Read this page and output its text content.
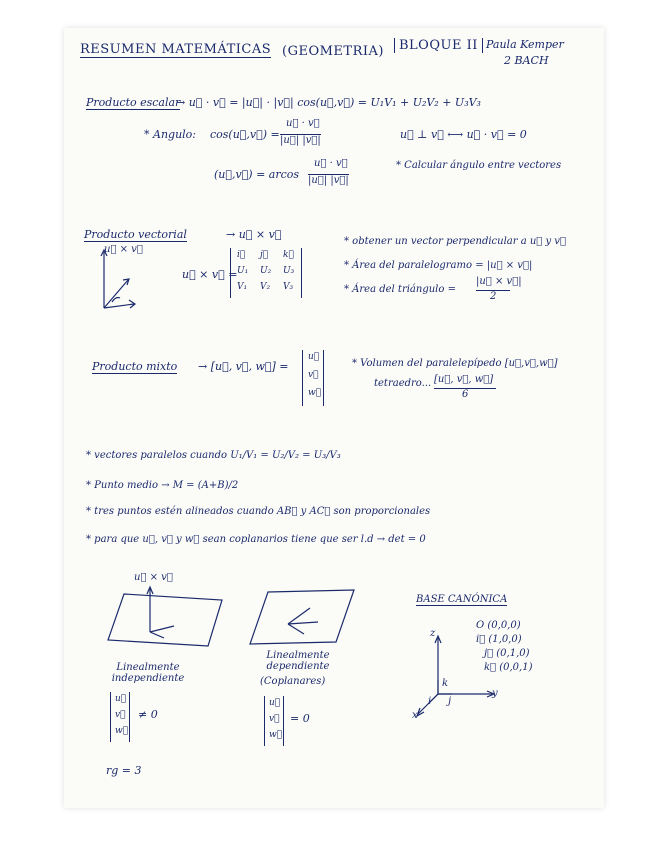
RESUMEN MATEMÁTICAS (GEOMETRIA)	BLOQUE II Paula Kemper
2 BACH
Producto escalar
→ u⃗ · v⃗ = |u⃗| · |v⃗| cos(u⃗,v⃗) = U₁V₁ + U₂V₂ + U₃V₃
* Angulo: cos(u⃗,v⃗) =
u⃗ · v⃗
|u⃗| |v⃗|	u⃗ ⊥ v⃗ ⟷ u⃗ · v⃗ = 0
(u⃗,v⃗) = arcos
u⃗ · v⃗
|u⃗| |v⃗|
* Calcular ángulo entre vectores
Producto vectorial	→ u⃗ × v⃗
u⃗ × v⃗
u⃗ × v⃗ =
i⃗ j⃗ k⃗
U₁ U₂ U₃
V₁ V₂ V₃
* obtener un vector perpendicular a u⃗ y v⃗
* Área del paralelogramo = |u⃗ × v⃗|
* Área del triángulo =
|u⃗ × v⃗|
2
Producto mixto → [u⃗, v⃗, w⃗] =
u⃗
v⃗
w⃗
* Volumen del paralelepípedo [u⃗,v⃗,w⃗]
tetraedro... [u⃗, v⃗, w⃗]
6
* vectores paralelos cuando U₁/V₁ = U₂/V₂ = U₃/V₃
* Punto medio → M = (A+B)/2
* tres puntos estén alineados cuando AB⃗ y AC⃗ son proporcionales
* para que u⃗, v⃗ y w⃗ sean coplanarios tiene que ser l.d → det = 0
u⃗ × v⃗
Linealmente independiente
u⃗
v⃗
w⃗
≠ 0
rg = 3
Linealmente dependiente
(Coplanares)
u⃗
v⃗
w⃗
= 0
BASE CANÓNICA
O (0,0,0)
i⃗ (1,0,0)
j⃗ (0,1,0)
k⃗ (0,0,1)
z
y
x
k
i j
